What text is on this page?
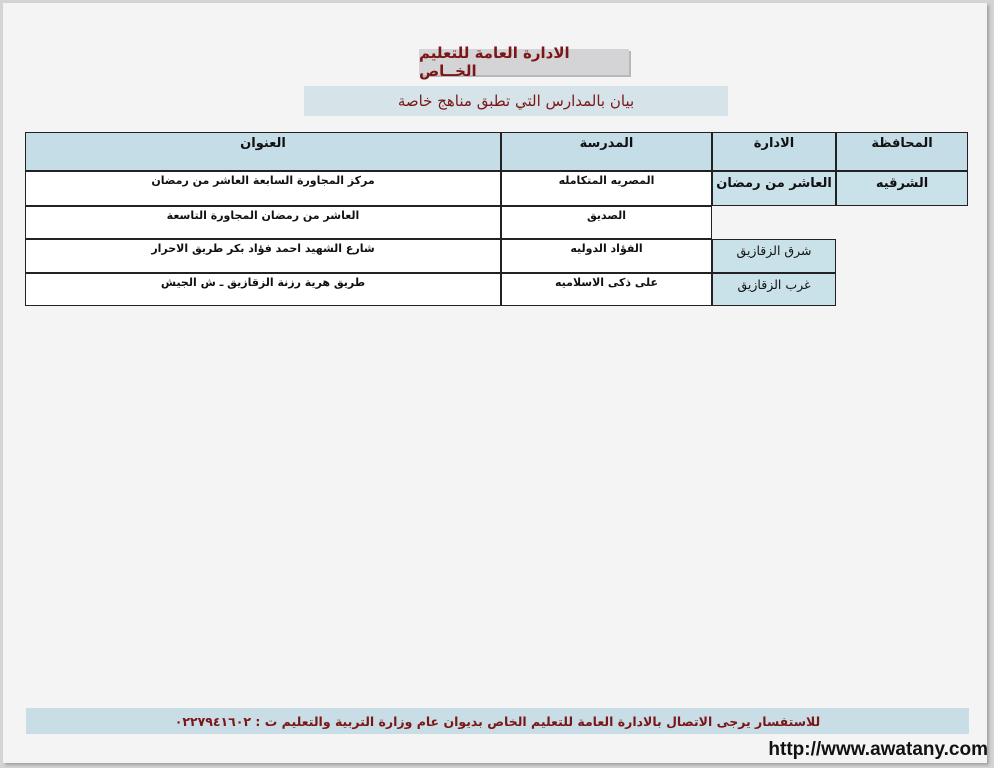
الادارة العامة للتعليم الخــاص
بيان بالمدارس التي تطبق مناهج خاصة
المحافظة
الادارة
المدرسة
العنوان
الشرقيه
العاشر من رمضان
المصريه المتكامله
مركز المجاورة السابعة العاشر من رمضان
الصديق
العاشر من رمضان المجاورة التاسعة
شرق الزقازيق
الفؤاد الدوليه
شارع الشهيد احمد فؤاد بكر طريق الاحرار
غرب الزقازيق
على ذكى الاسلاميه
طريق هرية رزنة الزقازيق ـ ش الجيش
للاستفسار يرجى الاتصال بالادارة العامة للتعليم الخاص بديوان عام وزارة التربية والتعليم ت : ٠٢٢٧٩٤١٦٠٢
http://www.awatany.com
